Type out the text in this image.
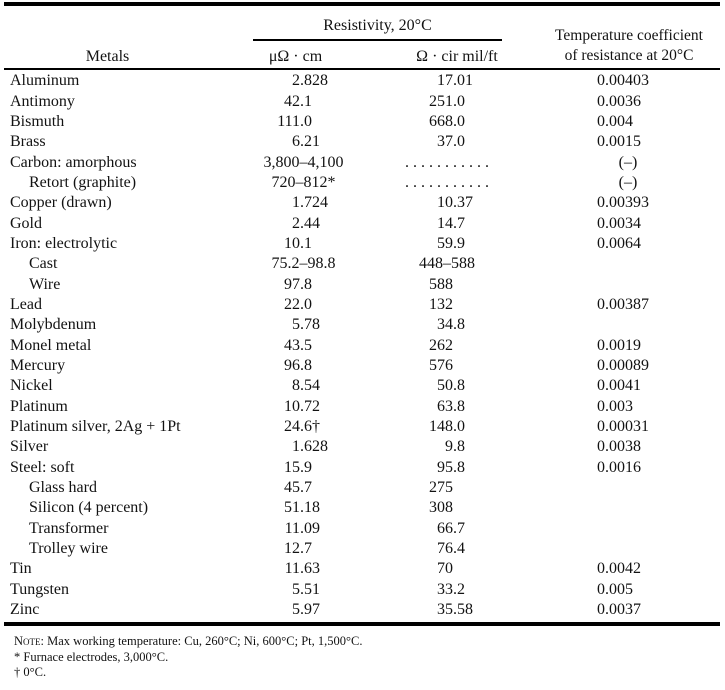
Metals
Resistivity, 20°C
μΩ · cm	Ω · cir mil/ft
Temperature coefficient
of resistance at 20°C
Aluminum	2 .828	17 .01	0 .00403
Antimony	42 .1	251 .0	0 .0036
Bismuth	111 .0	668 .0	0 .004
Brass	6 .21	37 .0	0 .0015
Carbon: amorphous	3,800–4,100	. . . . . . . . . . .	(–)
Retort (graphite)	720–812*	. . . . . . . . . . .	(–)
Copper (drawn)	1 .724	10 .37	0 .00393
Gold	2 .44	14 .7	0 .0034
Iron: electrolytic	10 .1	59 .9	0 .0064
Cast	75.2–98.8	448–588
Wire	97 .8	588
Lead	22 .0	132	0 .00387
Molybdenum	5 .78	34 .8
Monel metal	43 .5	262	0 .0019
Mercury	96 .8	576	0 .00089
Nickel	8 .54	50 .8	0 .0041
Platinum	10 .72	63 .8	0 .003
Platinum silver, 2Ag + 1Pt	24 .6†	148 .0	0 .00031
Silver	1 .628	9 .8	0 .0038
Steel: soft	15 .9	95 .8	0 .0016
Glass hard	45 .7	275
Silicon (4 percent)	51 .18	308
Transformer	11 .09	66 .7
Trolley wire	12 .7	76 .4
Tin	11 .63	70	0 .0042
Tungsten	5 .51	33 .2	0 .005
Zinc	5 .97	35 .58	0 .0037
Note: Max working temperature: Cu, 260°C; Ni, 600°C; Pt, 1,500°C.
* Furnace electrodes, 3,000°C.
† 0°C.
